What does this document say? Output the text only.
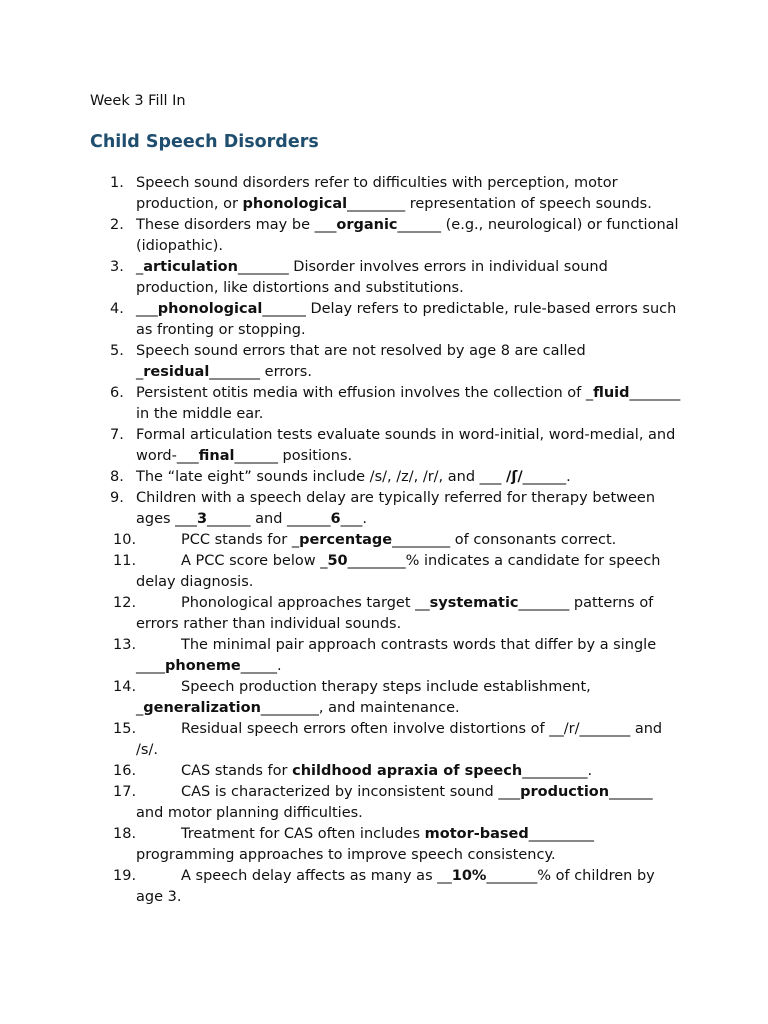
Week 3 Fill In

Child Speech Disorders
1. Speech sound disorders refer to difficulties with perception, motor production, or phonological________ representation of speech sounds.
2. These disorders may be ___organic______ (e.g., neurological) or functional (idiopathic).
3. _articulation_______ Disorder involves errors in individual sound production, like distortions and substitutions.
4. ___phonological______ Delay refers to predictable, rule-based errors such as fronting or stopping.
5. Speech sound errors that are not resolved by age 8 are called _residual_______ errors.
6. Persistent otitis media with effusion involves the collection of _fluid_______ in the middle ear.
7. Formal articulation tests evaluate sounds in word-initial, word-medial, and word-___final______ positions.
8. The “late eight” sounds include /s/, /z/, /r/, and ___ /ʃ/______.
9. Children with a speech delay are typically referred for therapy between ages ___3______ and ______6___.
10.	PCC stands for _percentage________ of consonants correct.
11.	A PCC score below _50________% indicates a candidate for speech delay diagnosis.
12.	Phonological approaches target __systematic_______ patterns of errors rather than individual sounds.
13.	The minimal pair approach contrasts words that differ by a single ____phoneme_____.
14.	Speech production therapy steps include establishment, _generalization________, and maintenance.
15.	Residual speech errors often involve distortions of __/r/_______ and /s/.
16.	CAS stands for childhood apraxia of speech_________.
17.	CAS is characterized by inconsistent sound ___production______ and motor planning difficulties.
18.	Treatment for CAS often includes motor-based_________ programming approaches to improve speech consistency.
19.	A speech delay affects as many as __10%_______% of children by age 3.
